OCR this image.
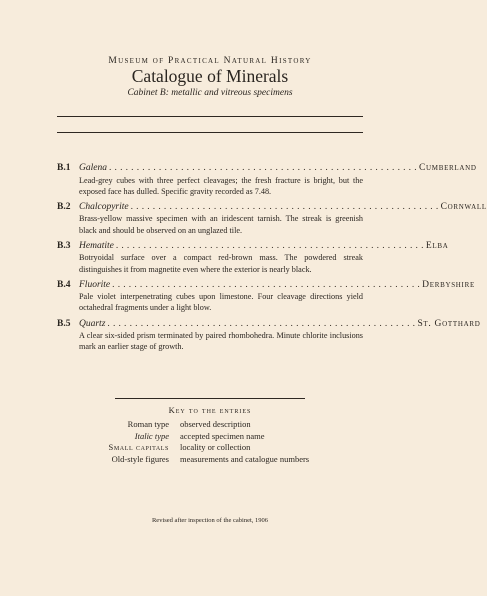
Museum of Practical Natural History
Catalogue of Minerals
Cabinet B: metallic and vitreous specimens
B.1 Galena . . . . . . . . . . . . . . . . . . . . . . . . . . . . . . . . . . . . . . . . . . . . . . . . . . . . . . . . Cumberland
Lead-grey cubes with three perfect cleavages; the fresh fracture is bright, but the exposed face has dulled. Specific gravity recorded as 7.48.
B.2 Chalcopyrite . . . . . . . . . . . . . . . . . . . . . . . . . . . . . . . . . . . . . . . . . . . . . . . . . . . . . . . . Cornwall
Brass-yellow massive specimen with an iridescent tarnish. The streak is greenish black and should be observed on an unglazed tile.
B.3 Hematite . . . . . . . . . . . . . . . . . . . . . . . . . . . . . . . . . . . . . . . . . . . . . . . . . . . . . . . . Elba
Botryoidal surface over a compact red-brown mass. The powdered streak distinguishes it from magnetite even where the exterior is nearly black.
B.4 Fluorite . . . . . . . . . . . . . . . . . . . . . . . . . . . . . . . . . . . . . . . . . . . . . . . . . . . . . . . . Derbyshire
Pale violet interpenetrating cubes upon limestone. Four cleavage directions yield octahedral fragments under a light blow.
B.5 Quartz . . . . . . . . . . . . . . . . . . . . . . . . . . . . . . . . . . . . . . . . . . . . . . . . . . . . . . . . St. Gotthard
A clear six-sided prism terminated by paired rhombohedra. Minute chlorite inclusions mark an earlier stage of growth.
Key to the entries
Roman type observed description
Italic type accepted specimen name
Small capitals locality or collection
Old-style figures measurements and catalogue numbers
Revised after inspection of the cabinet, 1906
